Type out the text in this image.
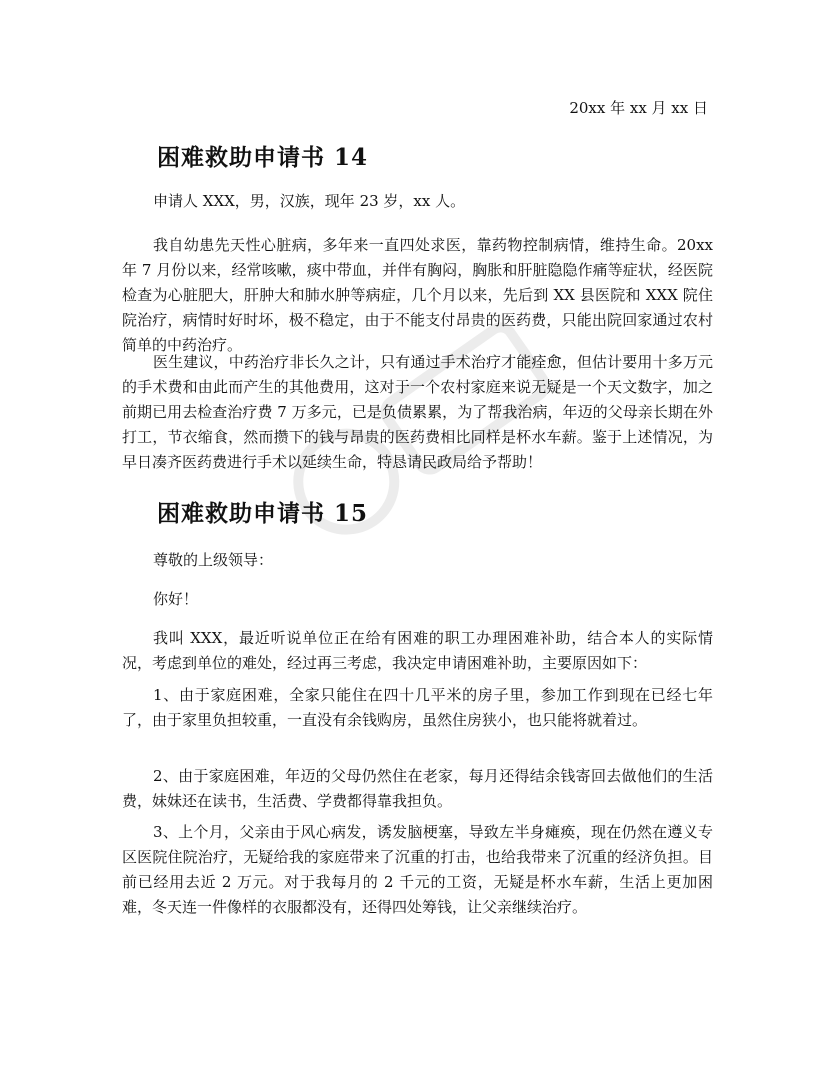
20xx 年 xx 月 xx 日
困难救助申请书 14

申请人 XXX，男，汉族，现年 23 岁，xx 人。

我自幼患先天性心脏病，多年来一直四处求医，靠药物控制病情，维持生命。20xx 年 7 月份以来，经常咳嗽，痰中带血，并伴有胸闷，胸胀和肝脏隐隐作痛等症状，经医院检查为心脏肥大，肝肿大和肺水肿等病症，几个月以来，先后到 XX 县医院和 XXX 院住院治疗，病情时好时坏，极不稳定，由于不能支付昂贵的医药费，只能出院回家通过农村简单的中药治疗。

医生建议，中药治疗非长久之计，只有通过手术治疗才能痊愈，但估计要用十多万元的手术费和由此而产生的其他费用，这对于一个农村家庭来说无疑是一个天文数字，加之前期已用去检查治疗费 7 万多元，已是负债累累，为了帮我治病，年迈的父母亲长期在外打工，节衣缩食，然而攒下的钱与昂贵的医药费相比同样是杯水车薪。鉴于上述情况，为早日凑齐医药费进行手术以延续生命，特恳请民政局给予帮助！

困难救助申请书 15

尊敬的上级领导：

你好！

我叫 XXX，最近听说单位正在给有困难的职工办理困难补助，结合本人的实际情况，考虑到单位的难处，经过再三考虑，我决定申请困难补助，主要原因如下：

1、由于家庭困难，全家只能住在四十几平米的房子里，参加工作到现在已经七年了，由于家里负担较重，一直没有余钱购房，虽然住房狭小，也只能将就着过。

2、由于家庭困难，年迈的父母仍然住在老家，每月还得结余钱寄回去做他们的生活费，妹妹还在读书，生活费、学费都得靠我担负。

3、上个月，父亲由于风心病发，诱发脑梗塞，导致左半身瘫痪，现在仍然在遵义专区医院住院治疗，无疑给我的家庭带来了沉重的打击，也给我带来了沉重的经济负担。目前已经用去近 2 万元。对于我每月的 2 千元的工资，无疑是杯水车薪，生活上更加困难，冬天连一件像样的衣服都没有，还得四处筹钱，让父亲继续治疗。
